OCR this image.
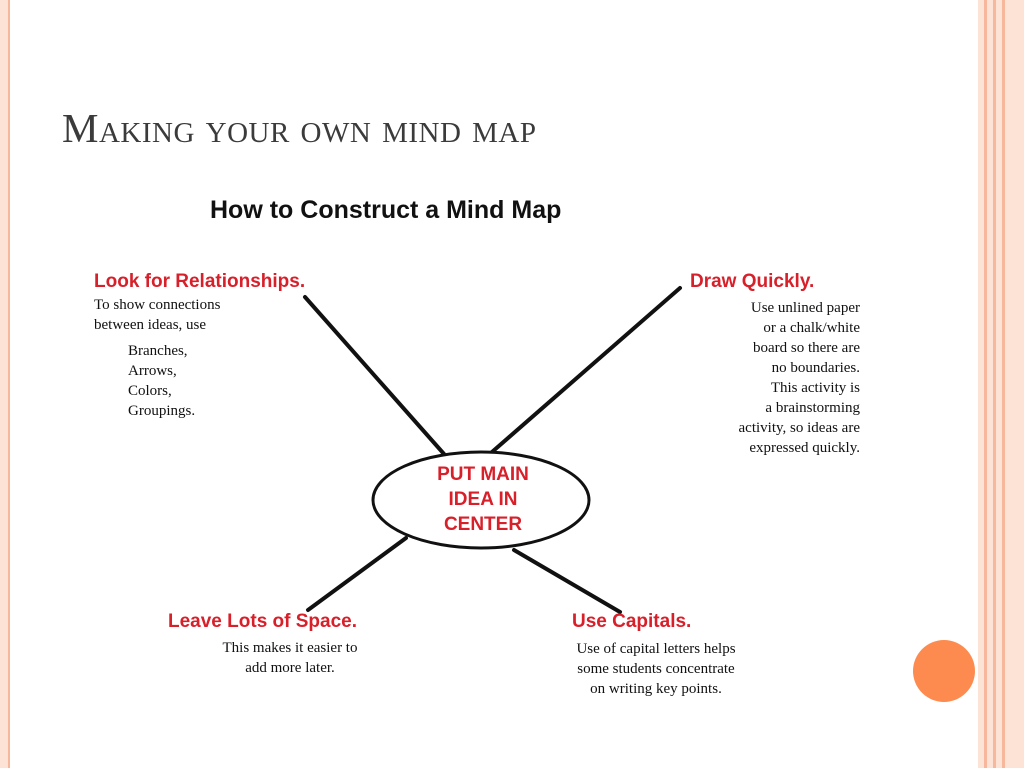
Making your own mind map
How to Construct a Mind Map
PUT MAIN
IDEA IN
CENTER
Look for Relationships.
To show connections
between ideas, use
Branches,
Arrows,
Colors,
Groupings.
Draw Quickly.
Use unlined paper
or a chalk/white
board so there are
no boundaries.
This activity is
a brainstorming
activity, so ideas are
expressed quickly.
Leave Lots of Space.
This makes it easier to
add more later.
Use Capitals.
Use of capital letters helps
some students concentrate
on writing key points.
